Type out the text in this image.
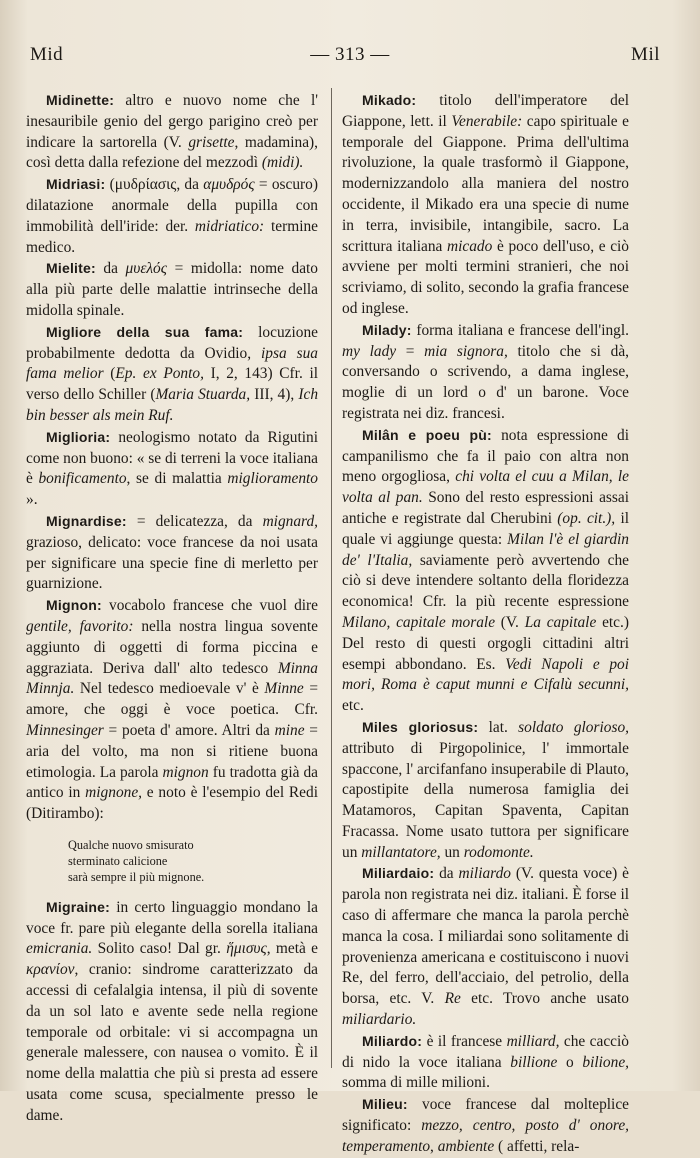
Mid	— 313 —	Mil

Midinette: altro e nuovo nome che l' inesauribile genio del gergo parigino creò per indicare la sartorella (V. grisette, madamina), così detta dalla refezione del mezzodì (midi).

Midriasi: (μυδρίασις, da αμυδρός = oscuro) dilatazione anormale della pupilla con immobilità dell'iride: der. midriatico: termine medico.

Mielite: da μυελός = midolla: nome dato alla più parte delle malattie intrinseche della midolla spinale.

Migliore della sua fama: locuzione probabilmente dedotta da Ovidio, ipsa sua fama melior (Ep. ex Ponto, I, 2, 143) Cfr. il verso dello Schiller (Maria Stuarda, III, 4), Ich bin besser als mein Ruf.

Miglioria: neologismo notato da Rigutini come non buono: « se di terreni la voce italiana è bonificamento, se di malattia miglioramento ».

Mignardise: = delicatezza, da mignard, grazioso, delicato: voce francese da noi usata per significare una specie fine di merletto per guarnizione.

Mignon: vocabolo francese che vuol dire gentile, favorito: nella nostra lingua sovente aggiunto di oggetti di forma piccina e aggraziata. Deriva dall' alto tedesco Minna Minnja. Nel tedesco medioevale v' è Minne = amore, che oggi è voce poetica. Cfr. Minnesinger = poeta d' amore. Altri da mine = aria del volto, ma non si ritiene buona etimologia. La parola mignon fu tradotta già da antico in mignone, e noto è l'esempio del Redi (Ditirambo):

Qualche nuovo smisurato
sterminato calicione
sarà sempre il più mignone.

Migraine: in certo linguaggio mondano la voce fr. pare più elegante della sorella italiana emicrania. Solito caso! Dal gr. ἥμισυς, metà e κρανίον, cranio: sindrome caratterizzato da accessi di cefalalgia intensa, il più di sovente da un sol lato e avente sede nella regione temporale od orbitale: vi si accompagna un generale malessere, con nausea o vomito. È il nome della malattia che più si presta ad essere usata come scusa, specialmente presso le dame.

Mikado: titolo dell'imperatore del Giappone, lett. il Venerabile: capo spirituale e temporale del Giappone. Prima dell'ultima rivoluzione, la quale trasformò il Giappone, modernizzandolo alla maniera del nostro occidente, il Mikado era una specie di nume in terra, invisibile, intangibile, sacro. La scrittura italiana micado è poco dell'uso, e ciò avviene per molti termini stranieri, che noi scriviamo, di solito, secondo la grafia francese od inglese.

Milady: forma italiana e francese dell'ingl. my lady = mia signora, titolo che si dà, conversando o scrivendo, a dama inglese, moglie di un lord o d' un barone. Voce registrata nei diz. francesi.

Milân e poeu pù: nota espressione di campanilismo che fa il paio con altra non meno orgogliosa, chi volta el cuu a Milan, le volta al pan. Sono del resto espressioni assai antiche e registrate dal Cherubini (op. cit.), il quale vi aggiunge questa: Milan l'è el giardin de' l'Italia, saviamente però avvertendo che ciò si deve intendere soltanto della floridezza economica! Cfr. la più recente espressione Milano, capitale morale (V. La capitale etc.) Del resto di questi orgogli cittadini altri esempi abbondano. Es. Vedi Napoli e poi mori, Roma è caput munni e Cifalù secunni, etc.

Miles gloriosus: lat. soldato glorioso, attributo di Pirgopolinice, l' immortale spaccone, l' arcifanfano insuperabile di Plauto, capostipite della numerosa famiglia dei Matamoros, Capitan Spaventa, Capitan Fracassa. Nome usato tuttora per significare un millantatore, un rodomonte.

Miliardaio: da miliardo (V. questa voce) è parola non registrata nei diz. italiani. È forse il caso di affermare che manca la parola perchè manca la cosa. I miliardai sono solitamente di provenienza americana e costituiscono i nuovi Re, del ferro, dell'acciaio, del petrolio, della borsa, etc. V. Re etc. Trovo anche usato miliardario.

Miliardo: è il francese milliard, che cacciò di nido la voce italiana billione o bilione, somma di mille milioni.

Milieu: voce francese dal molteplice significato: mezzo, centro, posto d' onore, temperamento, ambiente ( affetti, rela-
